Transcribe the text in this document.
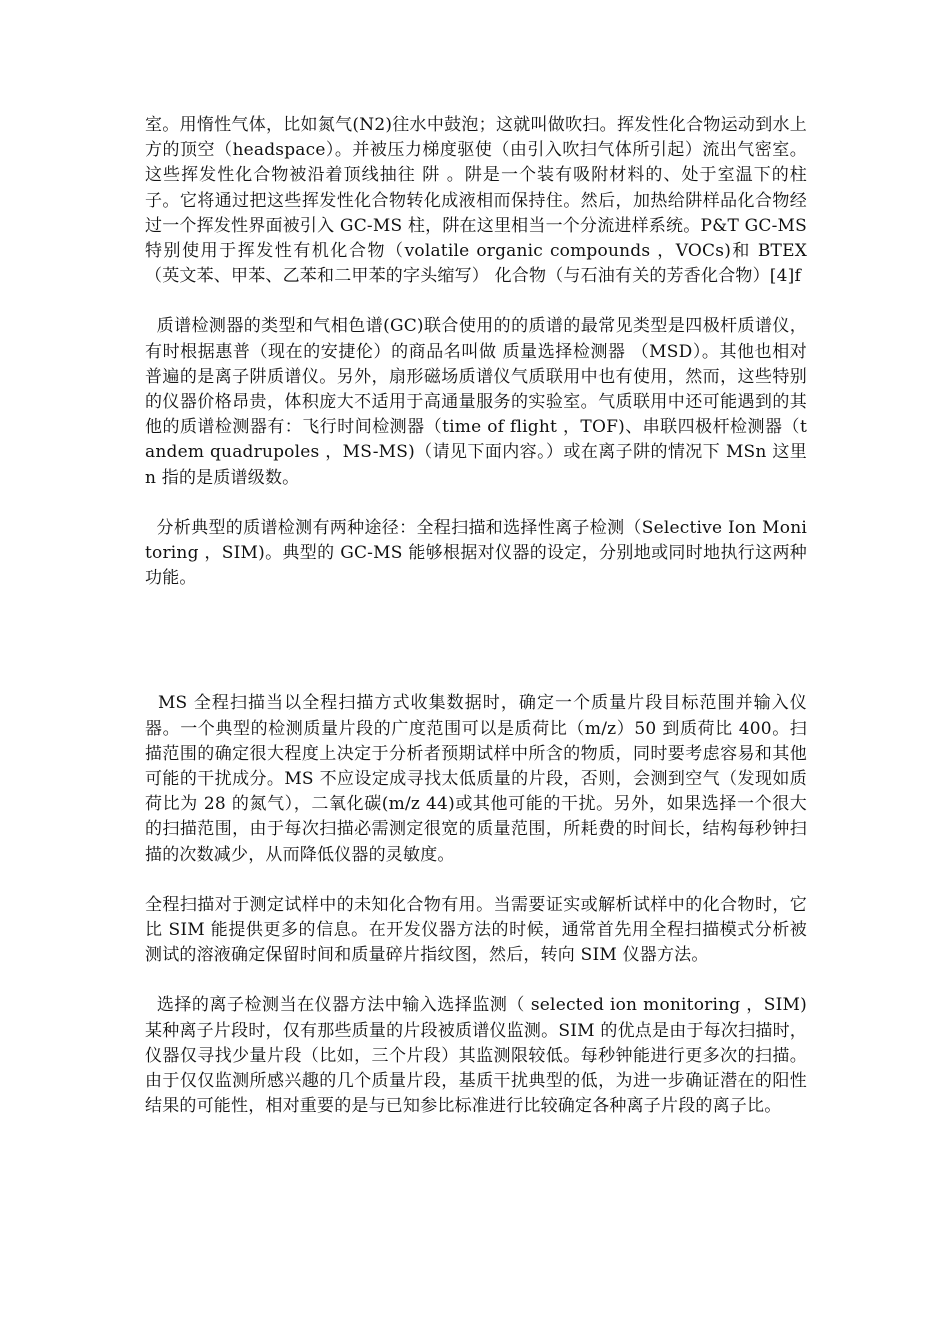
室。用惰性气体，比如氮气(N2)往水中鼓泡；这就叫做吹扫。挥发性化合物运动到水上方的顶空（headspace）。并被压力梯度驱使（由引入吹扫气体所引起）流出气密室。这些挥发性化合物被沿着顶线抽往 阱 。阱是一个装有吸附材料的、处于室温下的柱子。它将通过把这些挥发性化合物转化成液相而保持住。然后，加热给阱样品化合物经过一个挥发性界面被引入 GC-MS 柱，阱在这里相当一个分流进样系统。P&T GC-MS 特别使用于挥发性有机化合物（volatile organic compounds ，VOCs)和 BTEX（英文苯、甲苯、乙苯和二甲苯的字头缩写） 化合物（与石油有关的芳香化合物）[4]f

质谱检测器的类型和气相色谱(GC)联合使用的的质谱的最常见类型是四极杆质谱仪，有时根据惠普（现在的安捷伦）的商品名叫做 质量选择检测器 （MSD）。其他也相对普遍的是离子阱质谱仪。另外，扇形磁场质谱仪气质联用中也有使用，然而，这些特别的仪器价格昂贵，体积庞大不适用于高通量服务的实验室。气质联用中还可能遇到的其他的质谱检测器有：飞行时间检测器（time of flight ，TOF)、串联四极杆检测器（tandem quadrupoles ，MS-MS)（请见下面内容。）或在离子阱的情况下 MSn 这里 n 指的是质谱级数。

分析典型的质谱检测有两种途径：全程扫描和选择性离子检测（Selective Ion Monitoring ，SIM)。典型的 GC-MS 能够根据对仪器的设定，分别地或同时地执行这两种功能。

MS 全程扫描当以全程扫描方式收集数据时，确定一个质量片段目标范围并输入仪器。一个典型的检测质量片段的广度范围可以是质荷比（m/z）50 到质荷比 400。扫描范围的确定很大程度上决定于分析者预期试样中所含的物质，同时要考虑容易和其他可能的干扰成分。MS 不应设定成寻找太低质量的片段，否则，会测到空气（发现如质荷比为 28 的氮气），二氧化碳(m/z 44)或其他可能的干扰。另外，如果选择一个很大的扫描范围，由于每次扫描必需测定很宽的质量范围，所耗费的时间长，结构每秒钟扫描的次数减少，从而降低仪器的灵敏度。

全程扫描对于测定试样中的未知化合物有用。当需要证实或解析试样中的化合物时，它比 SIM 能提供更多的信息。在开发仪器方法的时候，通常首先用全程扫描模式分析被测试的溶液确定保留时间和质量碎片指纹图，然后，转向 SIM 仪器方法。

选择的离子检测当在仪器方法中输入选择监测（ selected ion monitoring ，SIM)某种离子片段时，仅有那些质量的片段被质谱仪监测。SIM 的优点是由于每次扫描时，仪器仅寻找少量片段（比如，三个片段）其监测限较低。每秒钟能进行更多次的扫描。由于仅仅监测所感兴趣的几个质量片段，基质干扰典型的低，为进一步确证潜在的阳性结果的可能性，相对重要的是与已知参比标准进行比较确定各种离子片段的离子比。
